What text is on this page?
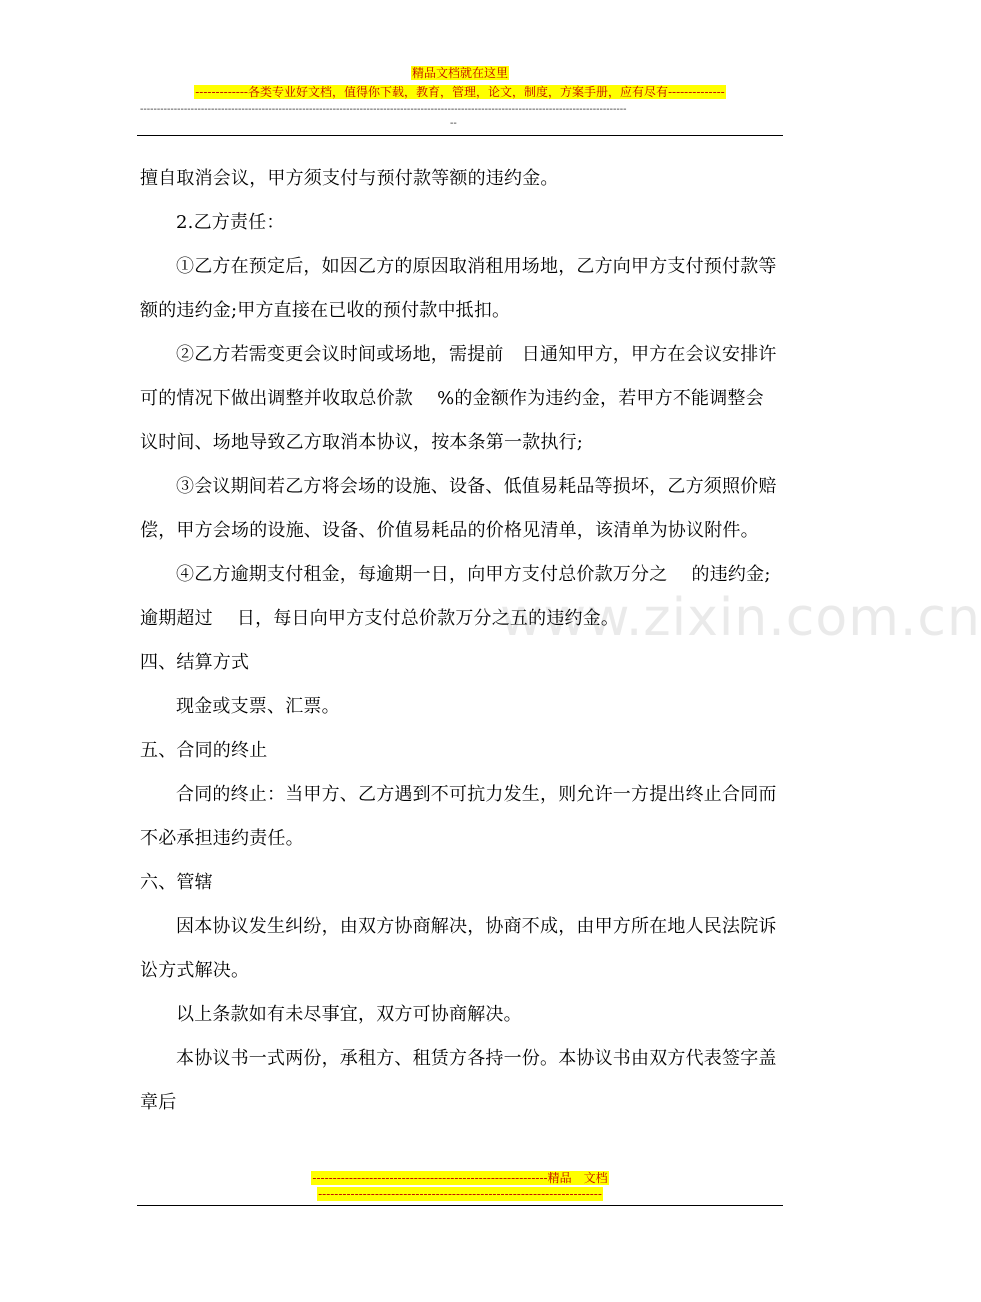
精品文档就在这里
-------------各类专业好文档，值得你下载，教育，管理，论文，制度，方案手册，应有尽有--------------
------------------------------------------------------------------------------------------------------------------------------------------------
--
www.zixin.com.cn

擅自取消会议，甲方须支付与预付款等额的违约金。

2.乙方责任：

①乙方在预定后，如因乙方的原因取消租用场地，乙方向甲方支付预付款等额的违约金;甲方直接在已收的预付款中抵扣。

②乙方若需变更会议时间或场地，需提前　日通知甲方，甲方在会议安排许可的情况下做出调整并收取总价款　 %的金额作为违约金，若甲方不能调整会议时间、场地导致乙方取消本协议，按本条第一款执行;

③会议期间若乙方将会场的设施、设备、低值易耗品等损坏，乙方须照价赔偿，甲方会场的设施、设备、价值易耗品的价格见清单，该清单为协议附件。

④乙方逾期支付租金，每逾期一日，向甲方支付总价款万分之　 的违约金;逾期超过　 日，每日向甲方支付总价款万分之五的违约金。

四、结算方式

现金或支票、汇票。

五、合同的终止

合同的终止：当甲方、乙方遇到不可抗力发生，则允许一方提出终止合同而不必承担违约责任。

六、管辖

因本协议发生纠纷，由双方协商解决，协商不成，由甲方所在地人民法院诉讼方式解决。

以上条款如有未尽事宜，双方可协商解决。

本协议书一式两份，承租方、租赁方各持一份。本协议书由双方代表签字盖章后

----------------------------------------------------------精品　文档
----------------------------------------------------------------------
